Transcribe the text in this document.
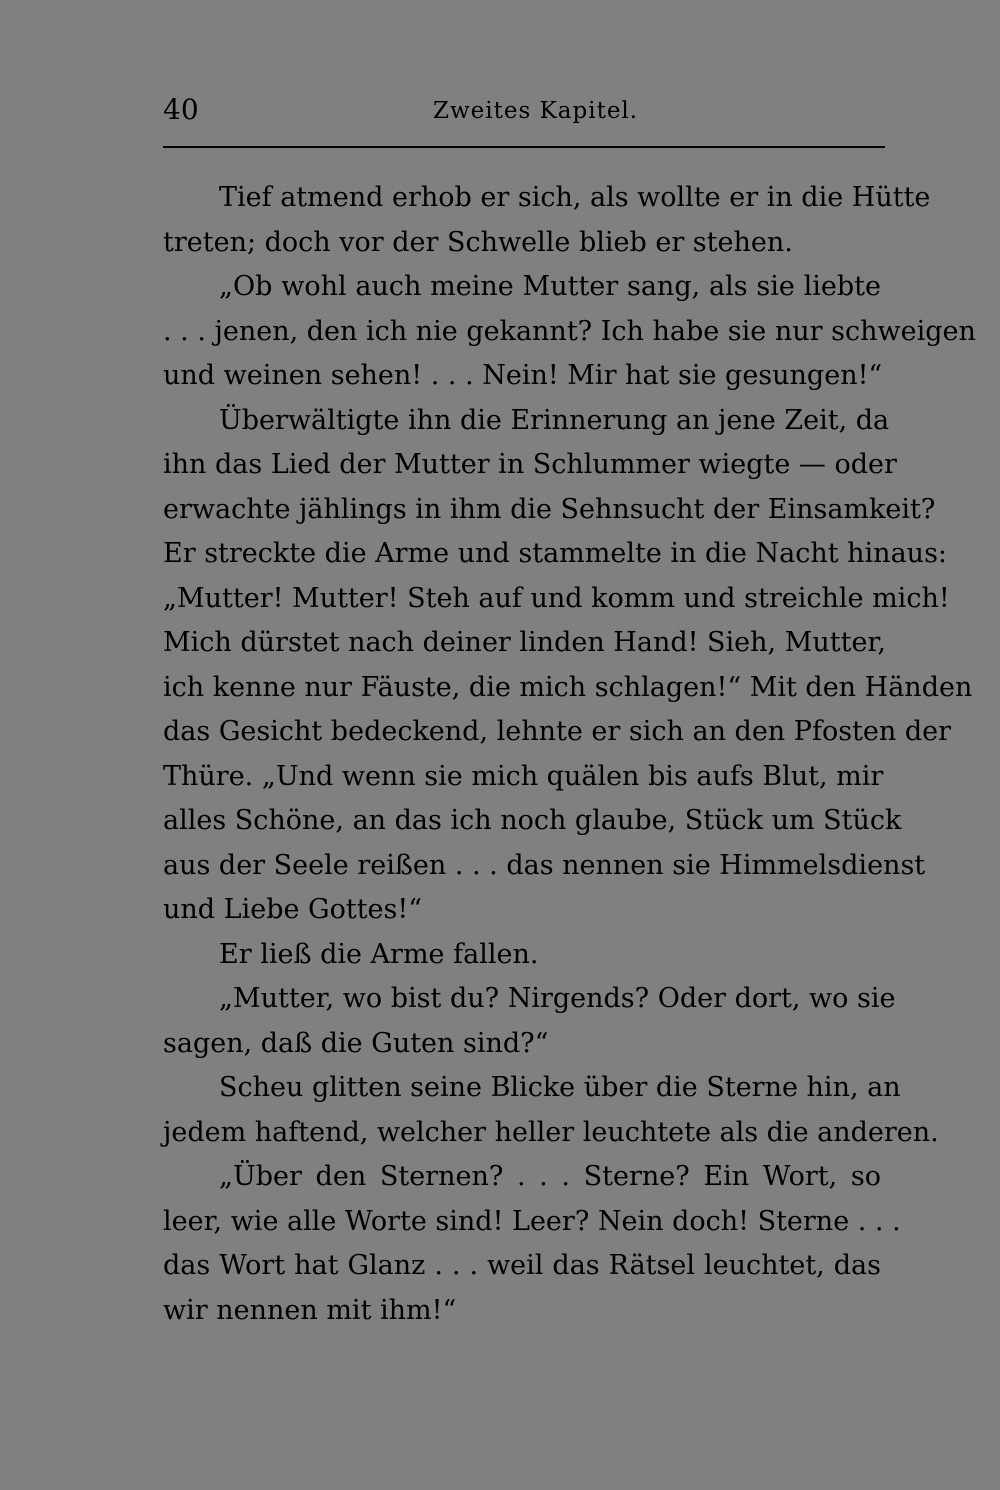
40	Zweites Kapitel.
Tief atmend erhob er sich, als wollte er in die Hütte
treten; doch vor der Schwelle blieb er stehen.
„Ob wohl auch meine Mutter sang, als sie liebte
. . . jenen, den ich nie gekannt? Ich habe sie nur schweigen
und weinen sehen! . . . Nein! Mir hat sie gesungen!“
Überwältigte ihn die Erinnerung an jene Zeit, da
ihn das Lied der Mutter in Schlummer wiegte — oder
erwachte jählings in ihm die Sehnsucht der Einsamkeit?
Er streckte die Arme und stammelte in die Nacht hinaus:
„Mutter! Mutter! Steh auf und komm und streichle mich!
Mich dürstet nach deiner linden Hand! Sieh, Mutter,
ich kenne nur Fäuste, die mich schlagen!“ Mit den Händen
das Gesicht bedeckend, lehnte er sich an den Pfosten der
Thüre. „Und wenn sie mich quälen bis aufs Blut, mir
alles Schöne, an das ich noch glaube, Stück um Stück
aus der Seele reißen . . . das nennen sie Himmelsdienst
und Liebe Gottes!“
Er ließ die Arme fallen.
„Mutter, wo bist du? Nirgends? Oder dort, wo sie
sagen, daß die Guten sind?“
Scheu glitten seine Blicke über die Sterne hin, an
jedem haftend, welcher heller leuchtete als die anderen.
„Über den Sternen? . . . Sterne? Ein Wort, so
leer, wie alle Worte sind! Leer? Nein doch! Sterne . . .
das Wort hat Glanz . . . weil das Rätsel leuchtet, das
wir nennen mit ihm!“
